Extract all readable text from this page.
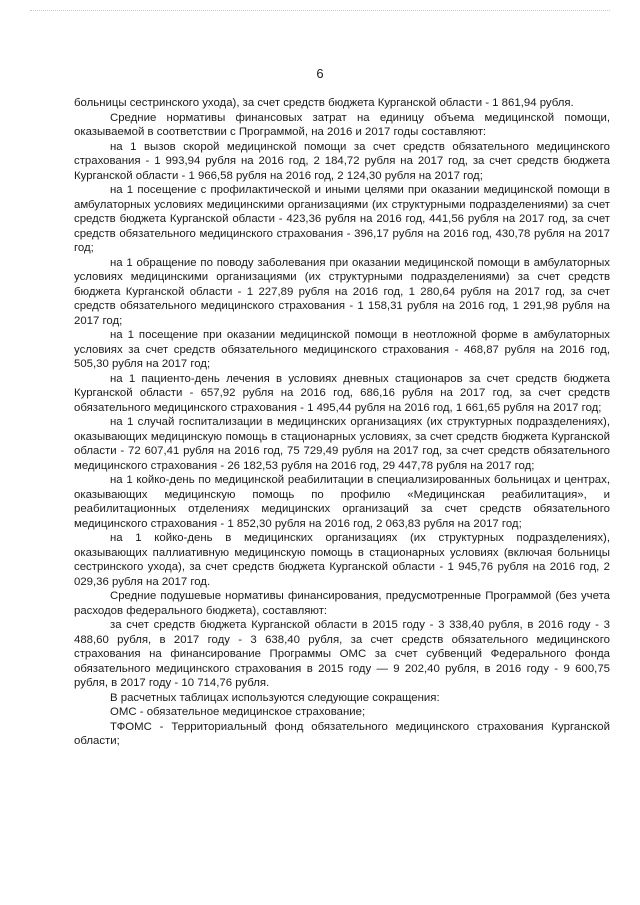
6

больницы сестринского ухода), за счет средств бюджета Курганской области - 1 861,94 рубля.

Средние нормативы финансовых затрат на единицу объема медицинской помощи, оказываемой в соответствии с Программой, на 2016 и 2017 годы составляют:

на 1 вызов скорой медицинской помощи за счет средств обязательного медицинского страхования - 1 993,94 рубля на 2016 год, 2 184,72 рубля на 2017 год, за счет средств бюджета Курганской области - 1 966,58 рубля на 2016 год, 2 124,30 рубля на 2017 год;

на 1 посещение с профилактической и иными целями при оказании медицинской помощи в амбулаторных условиях медицинскими организациями (их структурными подразделениями) за счет средств бюджета Курганской области - 423,36 рубля на 2016 год, 441,56 рубля на 2017 год, за счет средств обязательного медицинского страхования - 396,17 рубля на 2016 год, 430,78 рубля на 2017 год;

на 1 обращение по поводу заболевания при оказании медицинской помощи в амбулаторных условиях медицинскими организациями (их структурными подразделениями) за счет средств бюджета Курганской области - 1 227,89 рубля на 2016 год, 1 280,64 рубля на 2017 год, за счет средств обязательного медицинского страхования - 1 158,31 рубля на 2016 год, 1 291,98 рубля на 2017 год;

на 1 посещение при оказании медицинской помощи в неотложной форме в амбулаторных условиях за счет средств обязательного медицинского страхования - 468,87 рубля на 2016 год, 505,30 рубля на 2017 год;

на 1 пациенто-день лечения в условиях дневных стационаров за счет средств бюджета Курганской области - 657,92 рубля на 2016 год, 686,16 рубля на 2017 год, за счет средств обязательного медицинского страхования - 1 495,44 рубля на 2016 год, 1 661,65 рубля на 2017 год;

на 1 случай госпитализации в медицинских организациях (их структурных подразделениях), оказывающих медицинскую помощь в стационарных условиях, за счет средств бюджета Курганской области - 72 607,41 рубля на 2016 год, 75 729,49 рубля на 2017 год, за счет средств обязательного медицинского страхования - 26 182,53 рубля на 2016 год, 29 447,78 рубля на 2017 год;

на 1 койко-день по медицинской реабилитации в специализированных больницах и центрах, оказывающих медицинскую помощь по профилю «Медицинская реабилитация», и реабилитационных отделениях медицинских организаций за счет средств обязательного медицинского страхования - 1 852,30 рубля на 2016 год, 2 063,83 рубля на 2017 год;

на 1 койко-день в медицинских организациях (их структурных подразделениях), оказывающих паллиативную медицинскую помощь в стационарных условиях (включая больницы сестринского ухода), за счет средств бюджета Курганской области - 1 945,76 рубля на 2016 год, 2 029,36 рубля на 2017 год.

Средние подушевые нормативы финансирования, предусмотренные Программой (без учета расходов федерального бюджета), составляют:

за счет средств бюджета Курганской области в 2015 году - 3 338,40 рубля, в 2016 году - 3 488,60 рубля, в 2017 году - 3 638,40 рубля, за счет средств обязательного медицинского страхования на финансирование Программы ОМС за счет субвенций Федерального фонда обязательного медицинского страхования в 2015 году — 9 202,40 рубля, в 2016 году - 9 600,75 рубля, в 2017 году - 10 714,76 рубля.

В расчетных таблицах используются следующие сокращения:

ОМС - обязательное медицинское страхование;

ТФОМС - Территориальный фонд обязательного медицинского страхования Курганской области;
